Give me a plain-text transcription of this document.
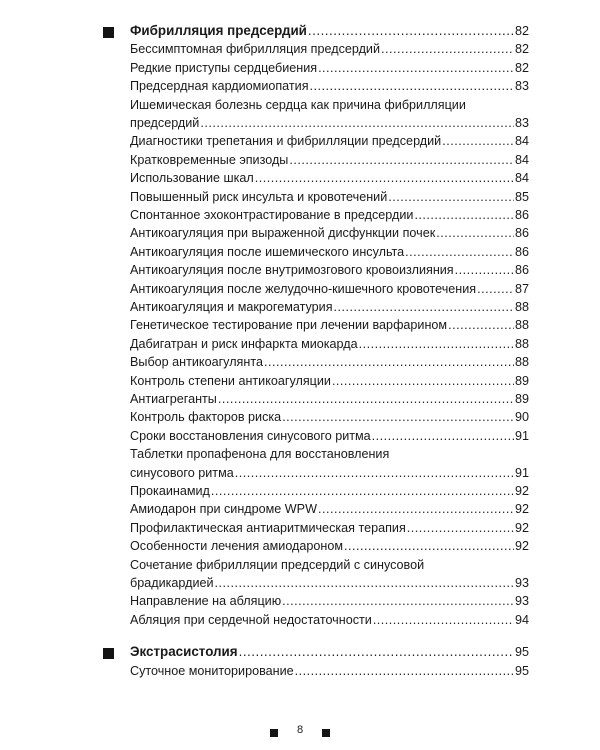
Фибрилляция предсердий .....	82
Бессимптомная фибрилляция предсердий .....	82
Редкие приступы сердцебиения .....	82
Предсердная кардиомиопатия .....	83
Ишемическая болезнь сердца как причина фибрилляции
предсердий .....	83
Диагностики трепетания и фибрилляции предсердий .....	84
Кратковременные эпизоды .....	84
Использование шкал .....	84
Повышенный риск инсульта и кровотечений .....	85
Спонтанное эхоконтрастирование в предсердии .....	86
Антикоагуляция при выраженной дисфункции почек .....	86
Антикоагуляция после ишемического инсульта .....	86
Антикоагуляция после внутримозгового кровоизлияния .....	86
Антикоагуляция после желудочно-кишечного кровотечения .....	87
Антикоагуляция и макрогематурия .....	88
Генетическое тестирование при лечении варфарином .....	88
Дабигатран и риск инфаркта миокарда .....	88
Выбор антикоагулянта .....	88
Контроль степени антикоагуляции .....	89
Антиагреганты .....	89
Контроль факторов риска .....	90
Сроки восстановления синусового ритма .....	91
Таблетки пропафенона для восстановления
синусового ритма .....	91
Прокаинамид .....	92
Амиодарон при синдроме WPW .....	92
Профилактическая антиаритмическая терапия .....	92
Особенности лечения амиодароном .....	92
Сочетание фибрилляции предсердий с синусовой
брадикардией .....	93
Направление на абляцию .....	93
Абляция при сердечной недостаточности .....	94
Экстрасистолия .....	95
Суточное мониторирование .....	95
8
